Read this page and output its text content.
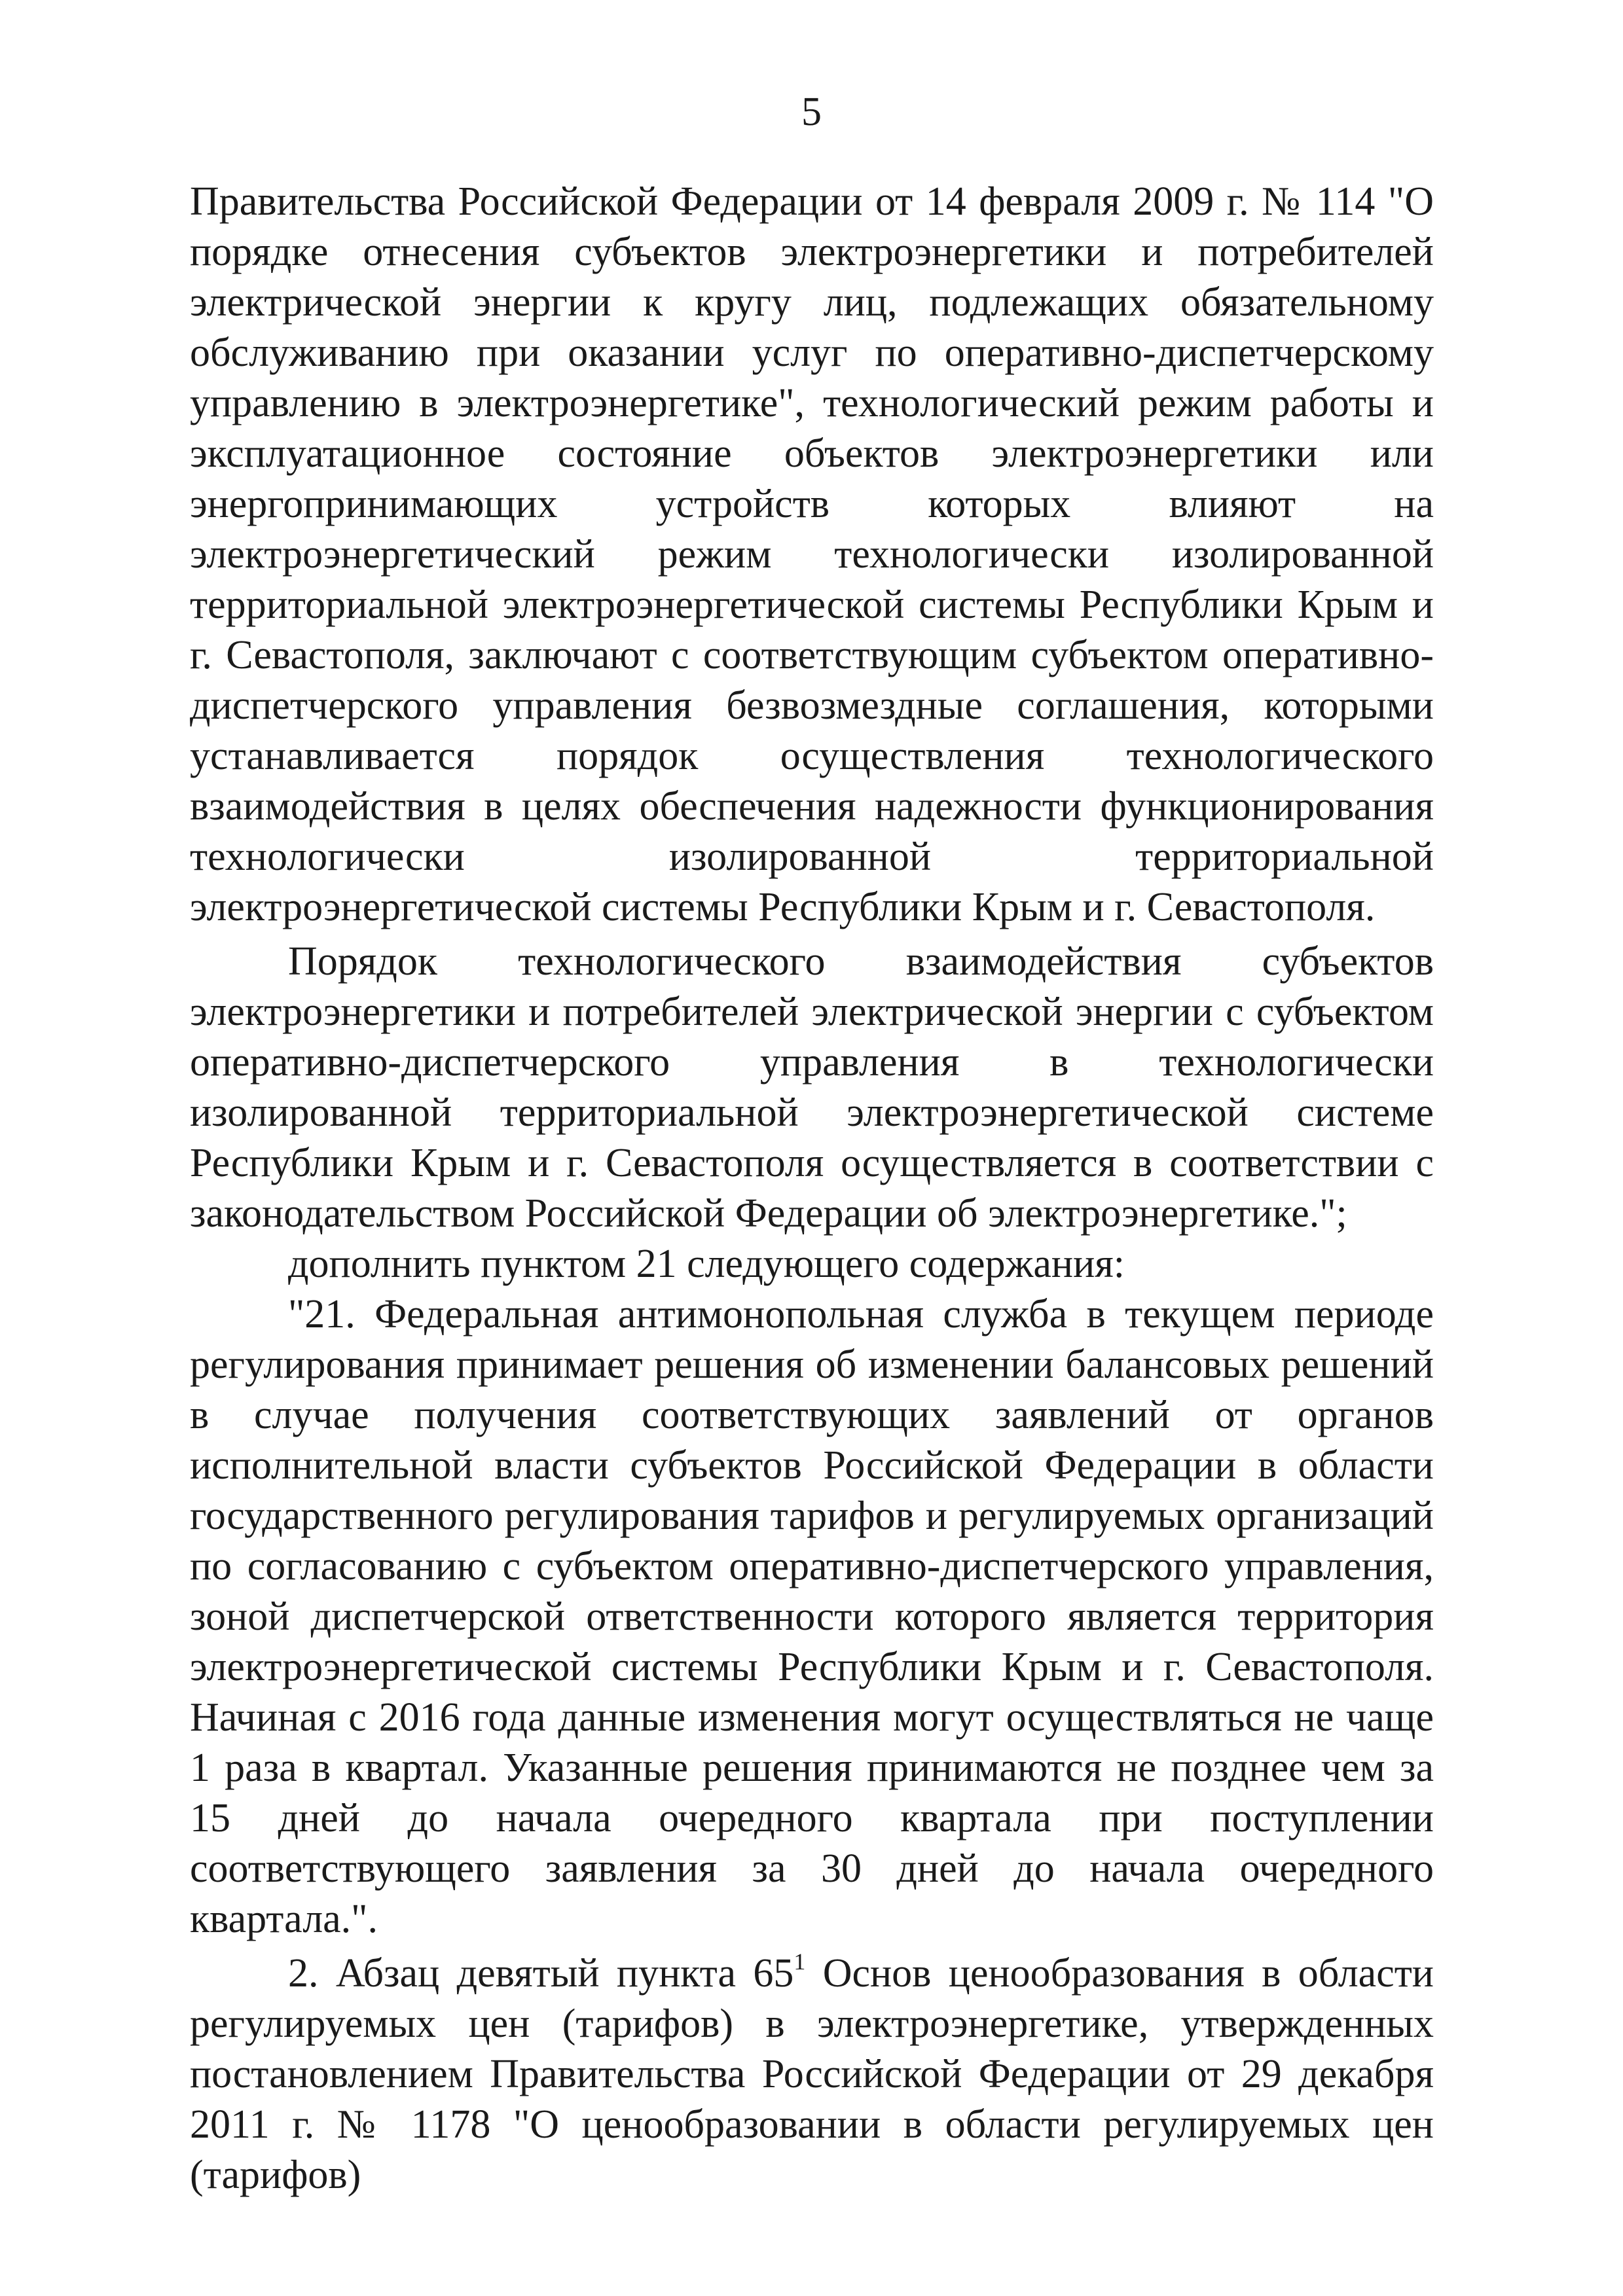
5

Правительства Российской Федерации от 14 февраля 2009 г. № 114 "О порядке отнесения субъектов электроэнергетики и потребителей электрической энергии к кругу лиц, подлежащих обязательному обслуживанию при оказании услуг по оперативно-диспетчерскому управлению в электроэнергетике", технологический режим работы и эксплуатационное состояние объектов электроэнергетики или энергопринимающих устройств которых влияют на электроэнергетический режим технологически изолированной территориальной электроэнергетической системы Республики Крым и г. Севастополя, заключают с соответствующим субъектом оперативно-диспетчерского управления безвозмездные соглашения, которыми устанавливается порядок осуществления технологического взаимодействия в целях обеспечения надежности функционирования технологически изолированной территориальной электроэнергетической системы Республики Крым и г. Севастополя.

Порядок технологического взаимодействия субъектов электроэнергетики и потребителей электрической энергии с субъектом оперативно-диспетчерского управления в технологически изолированной территориальной электроэнергетической системе Республики Крым и г. Севастополя осуществляется в соответствии с законодательством Российской Федерации об электроэнергетике.";

дополнить пунктом 21 следующего содержания:

"21. Федеральная антимонопольная служба в текущем периоде регулирования принимает решения об изменении балансовых решений в случае получения соответствующих заявлений от органов исполнительной власти субъектов Российской Федерации в области государственного регулирования тарифов и регулируемых организаций по согласованию с субъектом оперативно-диспетчерского управления, зоной диспетчерской ответственности которого является территория электроэнергетической системы Республики Крым и г. Севастополя. Начиная с 2016 года данные изменения могут осуществляться не чаще 1 раза в квартал. Указанные решения принимаются не позднее чем за 15 дней до начала очередного квартала при поступлении соответствующего заявления за 30 дней до начала очередного квартала.".

2. Абзац девятый пункта $65^1$ Основ ценообразования в области регулируемых цен (тарифов) в электроэнергетике, утвержденных постановлением Правительства Российской Федерации от 29 декабря 2011 г. № 1178 "О ценообразовании в области регулируемых цен (тарифов)
